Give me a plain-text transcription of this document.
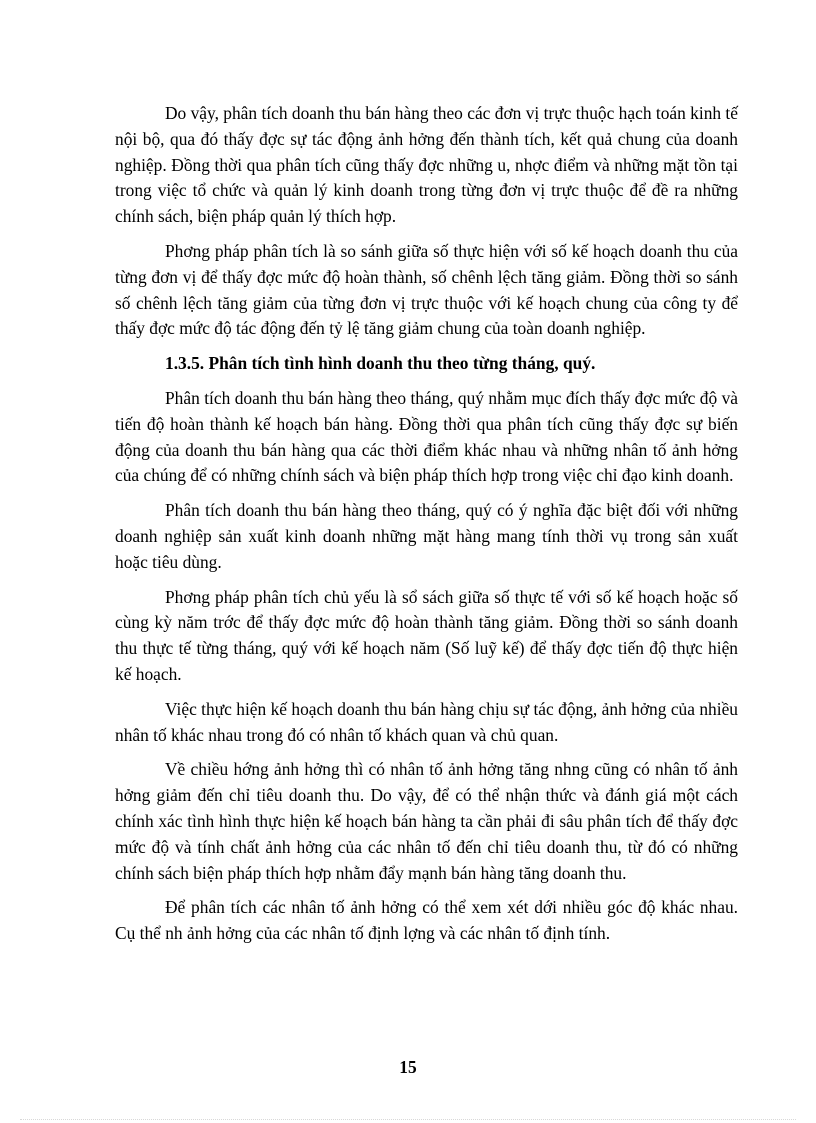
Do vậy, phân tích doanh thu bán hàng theo các đơn vị trực thuộc hạch toán kinh tế nội bộ, qua đó thấy đợc sự tác động ảnh hởng đến thành tích, kết quả chung của doanh nghiệp. Đồng thời qua phân tích cũng thấy đợc những u, nhợc điểm và những mặt tồn tại trong việc tổ chức và quản lý kinh doanh trong từng đơn vị trực thuộc để đề ra những chính sách, biện pháp quản lý thích hợp.

Phơng pháp phân tích là so sánh giữa số thực hiện với số kế hoạch doanh thu của từng đơn vị để thấy đợc mức độ hoàn thành, số chênh lệch tăng giảm. Đồng thời so sánh số chênh lệch tăng giảm của từng đơn vị trực thuộc với kế hoạch chung của công ty để thấy đợc mức độ tác động đến tỷ lệ tăng giảm chung của toàn doanh nghiệp.

1.3.5. Phân tích tình hình doanh thu theo từng tháng, quý.

Phân tích doanh thu bán hàng theo tháng, quý nhằm mục đích thấy đợc mức độ và tiến độ hoàn thành kế hoạch bán hàng. Đồng thời qua phân tích cũng thấy đợc sự biến động của doanh thu bán hàng qua các thời điểm khác nhau và những nhân tố ảnh hởng của chúng để có những chính sách và biện pháp thích hợp trong việc chỉ đạo kinh doanh.

Phân tích doanh thu bán hàng theo tháng, quý có ý nghĩa đặc biệt đối với những doanh nghiệp sản xuất kinh doanh những mặt hàng mang tính thời vụ trong sản xuất hoặc tiêu dùng.

Phơng pháp phân tích chủ yếu là sổ sách giữa số thực tế với số kế hoạch hoặc số cùng kỳ năm trớc để thấy đợc mức độ hoàn thành tăng giảm. Đồng thời so sánh doanh thu thực tế từng tháng, quý với kế hoạch năm (Số luỹ kế) để thấy đợc tiến độ thực hiện kế hoạch.

Việc thực hiện kế hoạch doanh thu bán hàng chịu sự tác động, ảnh hởng của nhiều nhân tố khác nhau trong đó có nhân tố khách quan và chủ quan.

Về chiều hớng ảnh hởng thì có nhân tố ảnh hởng tăng nhng cũng có nhân tố ảnh hởng giảm đến chỉ tiêu doanh thu. Do vậy, để có thể nhận thức và đánh giá một cách chính xác tình hình thực hiện kế hoạch bán hàng ta cần phải đi sâu phân tích để thấy đợc mức độ và tính chất ảnh hởng của các nhân tố đến chỉ tiêu doanh thu, từ đó có những chính sách biện pháp thích hợp nhằm đẩy mạnh bán hàng tăng doanh thu.

Để phân tích các nhân tố ảnh hởng có thể xem xét dới nhiều góc độ khác nhau. Cụ thể nh ảnh hởng của các nhân tố định lợng và các nhân tố định tính.

15
